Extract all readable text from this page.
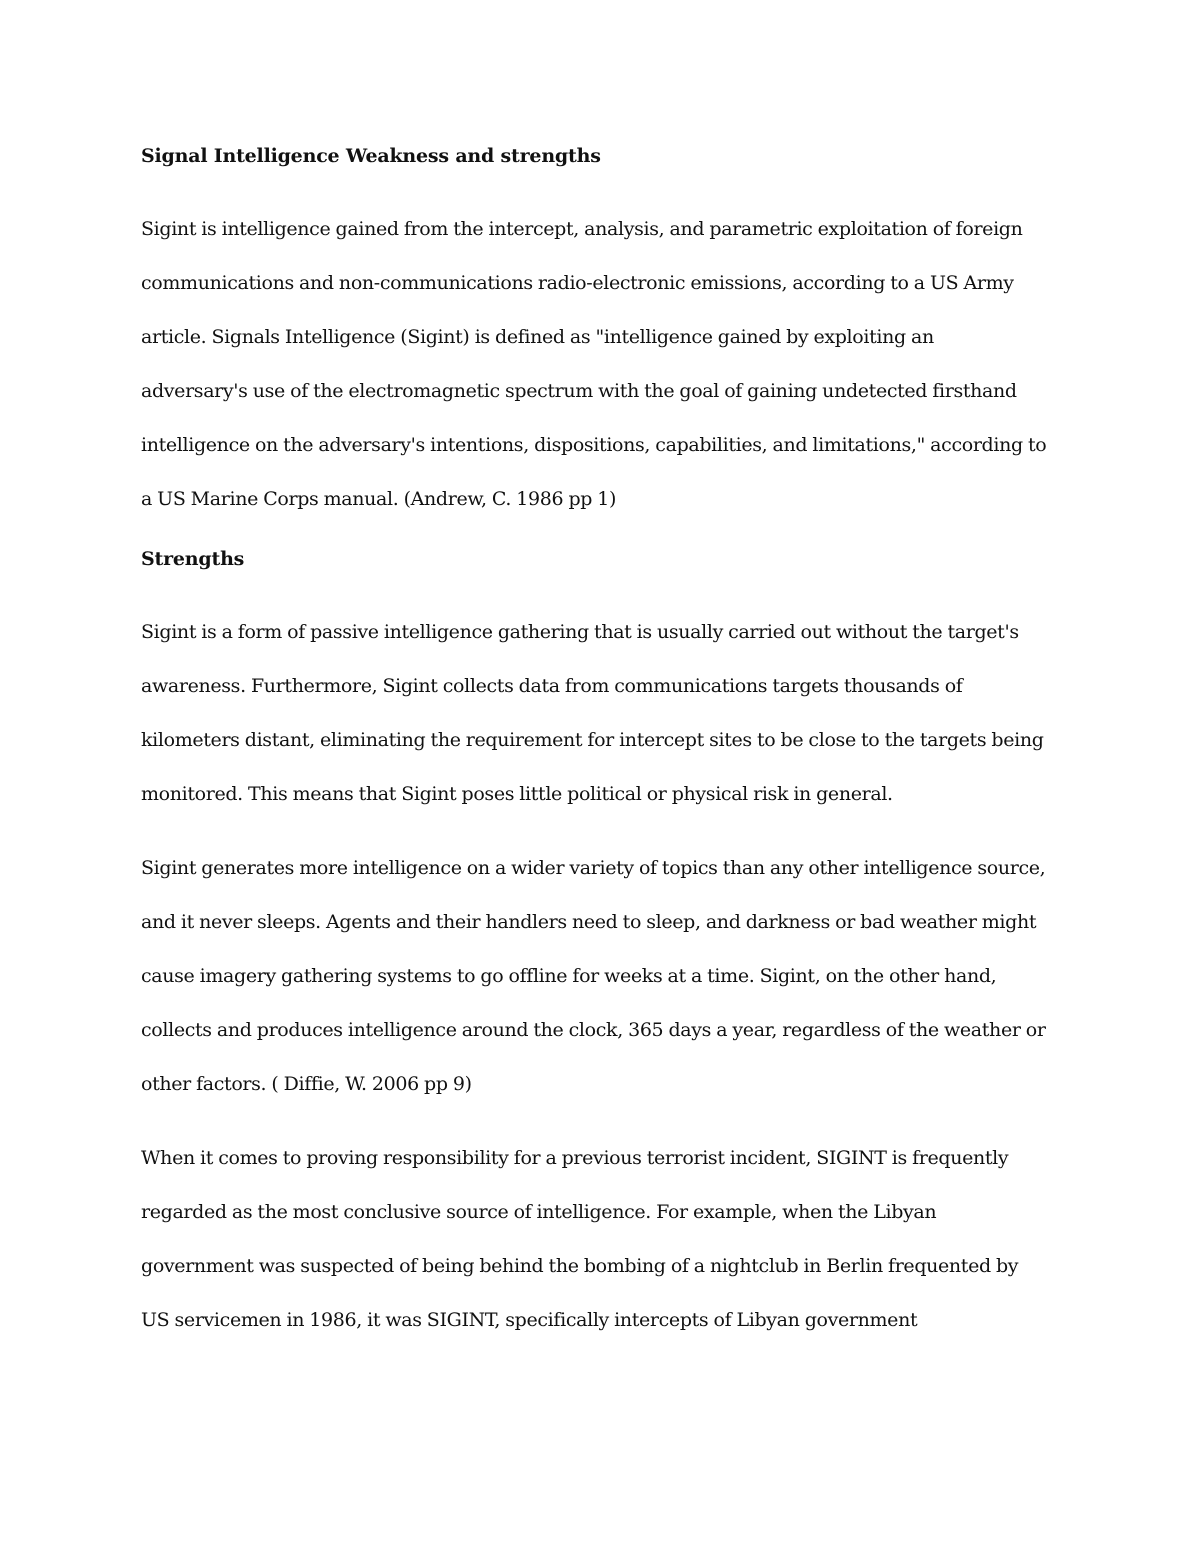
Signal Intelligence Weakness and strengths

Sigint is intelligence gained from the intercept, analysis, and parametric exploitation of foreign
communications and non-communications radio-electronic emissions, according to a US Army
article. Signals Intelligence (Sigint) is defined as "intelligence gained by exploiting an
adversary's use of the electromagnetic spectrum with the goal of gaining undetected firsthand
intelligence on the adversary's intentions, dispositions, capabilities, and limitations," according to
a US Marine Corps manual. (Andrew, C. 1986 pp 1)

Strengths

Sigint is a form of passive intelligence gathering that is usually carried out without the target's
awareness. Furthermore, Sigint collects data from communications targets thousands of
kilometers distant, eliminating the requirement for intercept sites to be close to the targets being
monitored. This means that Sigint poses little political or physical risk in general.

Sigint generates more intelligence on a wider variety of topics than any other intelligence source,
and it never sleeps. Agents and their handlers need to sleep, and darkness or bad weather might
cause imagery gathering systems to go offline for weeks at a time. Sigint, on the other hand,
collects and produces intelligence around the clock, 365 days a year, regardless of the weather or
other factors. ( Diffie, W. 2006 pp 9)

When it comes to proving responsibility for a previous terrorist incident, SIGINT is frequently
regarded as the most conclusive source of intelligence. For example, when the Libyan
government was suspected of being behind the bombing of a nightclub in Berlin frequented by
US servicemen in 1986, it was SIGINT, specifically intercepts of Libyan government
